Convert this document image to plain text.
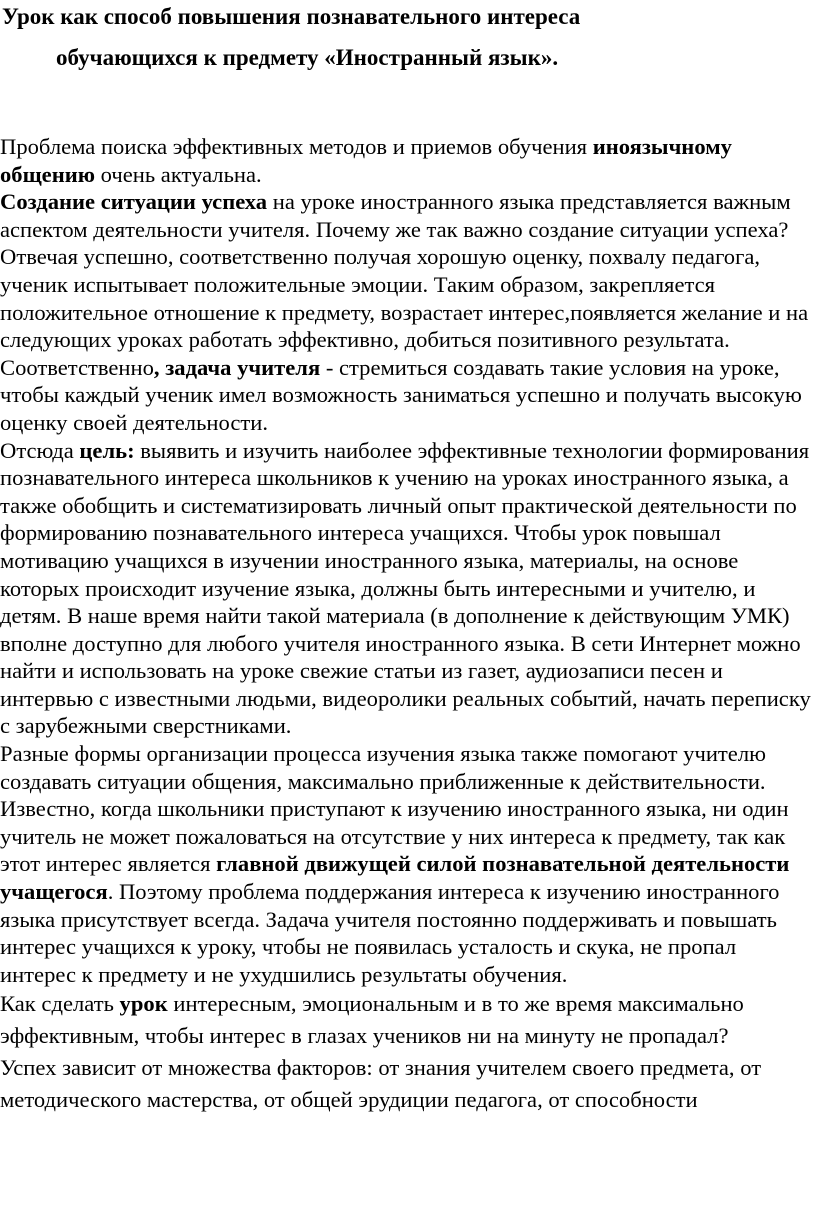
Урок как способ повышения познавательного интереса
обучающихся к предмету «Иностранный язык».

Проблема поиска эффективных методов и приемов обучения иноязычному общению очень актуальна.

Создание ситуации успеха на уроке иностранного языка представляется важным аспектом деятельности учителя. Почему же так важно создание ситуации успеха? Отвечая успешно, соответственно получая хорошую оценку, похвалу педагога, ученик испытывает положительные эмоции. Таким образом, закрепляется положительное отношение к предмету, возрастает интерес,появляется желание и на следующих уроках работать эффективно, добиться позитивного результата.

Соответственно, задача учителя - стремиться создавать такие условия на уроке, чтобы каждый ученик имел возможность заниматься успешно и получать высокую оценку своей деятельности.

Отсюда цель: выявить и изучить наиболее эффективные технологии формирования познавательного интереса школьников к учению на уроках иностранного языка, а также обобщить и систематизировать личный опыт практической деятельности по формированию познавательного интереса учащихся. Чтобы урок повышал мотивацию учащихся в изучении иностранного языка, материалы, на основе которых происходит изучение языка, должны быть интересными и учителю, и детям. В наше время найти такой материала (в дополнение к действующим УМК) вполне доступно для любого учителя иностранного языка. В сети Интернет можно найти и использовать на уроке свежие статьи из газет, аудиозаписи песен и интервью с известными людьми, видеоролики реальных событий, начать переписку с зарубежными сверстниками.

Разные формы организации процесса изучения языка также помогают учителю создавать ситуации общения, максимально приближенные к действительности. Известно, когда школьники приступают к изучению иностранного языка, ни один учитель не может пожаловаться на отсутствие у них интереса к предмету, так как этот интерес является главной движущей силой познавательной деятельности учащегося. Поэтому проблема поддержания интереса к изучению иностранного языка присутствует всегда. Задача учителя постоянно поддерживать и повышать интерес учащихся к уроку, чтобы не появилась усталость и скука, не пропал интерес к предмету и не ухудшились результаты обучения.

Как сделать урок интересным, эмоциональным и в то же время максимально эффективным, чтобы интерес в глазах учеников ни на минуту не пропадал?

Успех зависит от множества факторов: от знания учителем своего предмета, от методического мастерства, от общей эрудиции педагога, от способности
